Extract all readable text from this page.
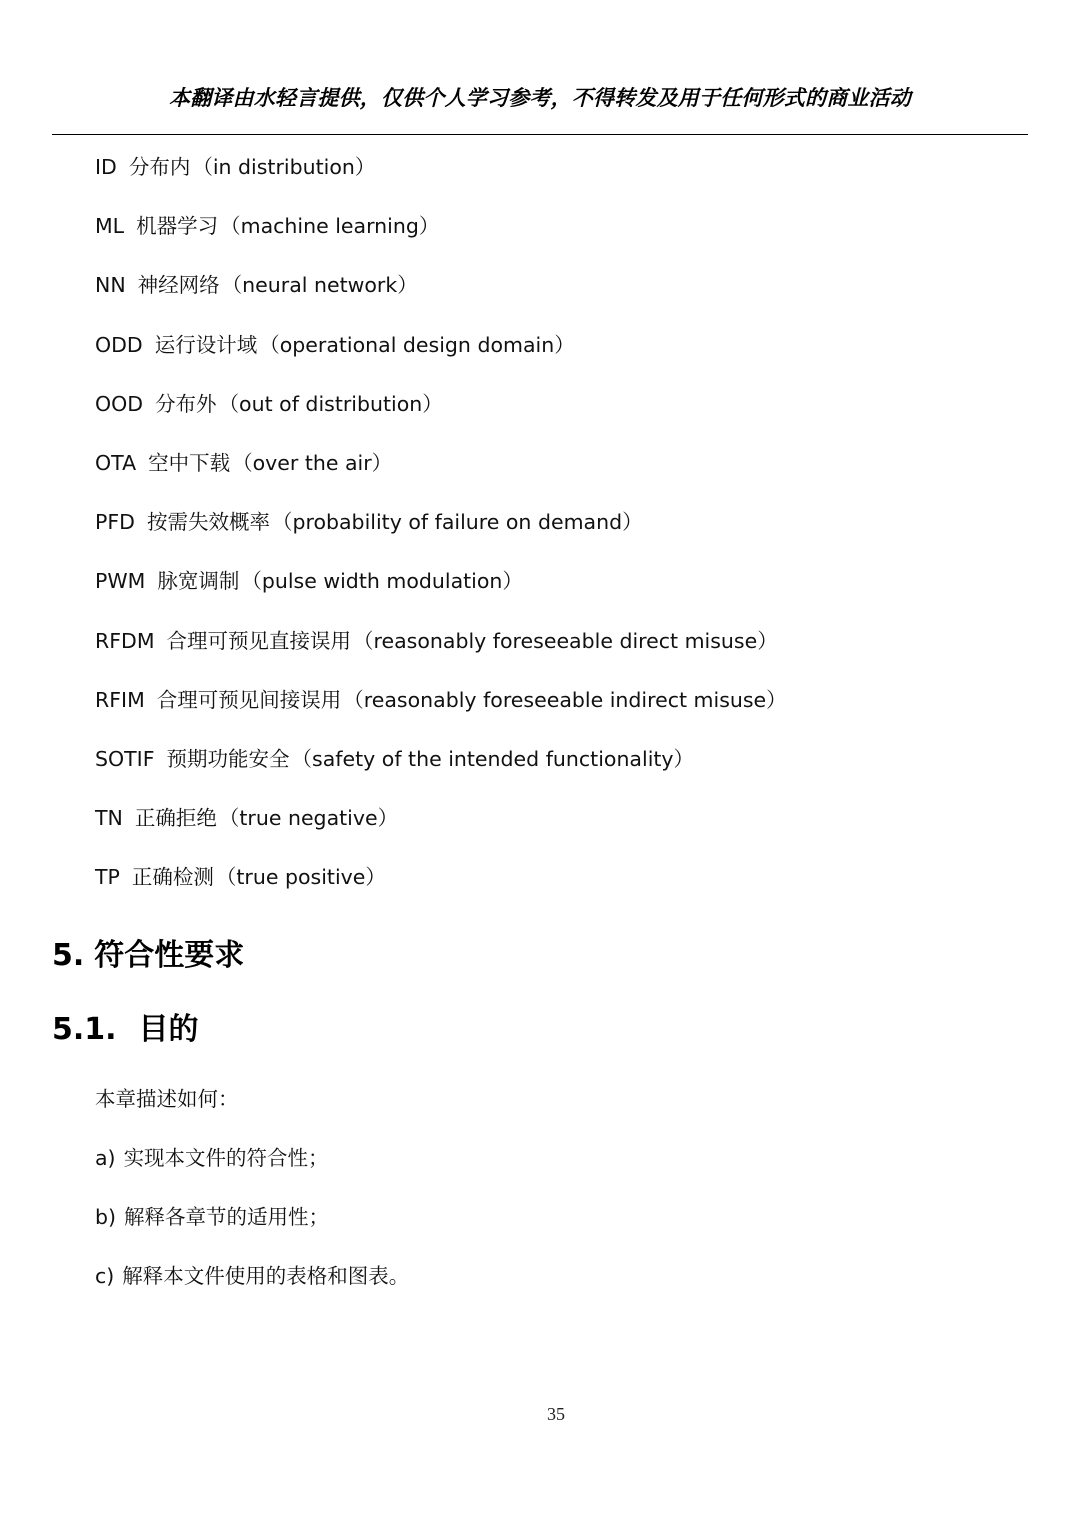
本翻译由水轻言提供，仅供个人学习参考，不得转发及用于任何形式的商业活动
ID 分布内（in distribution）
ML 机器学习（machine learning）
NN 神经网络（neural network）
ODD 运行设计域（operational design domain）
OOD 分布外（out of distribution）
OTA 空中下载（over the air）
PFD 按需失效概率（probability of failure on demand）
PWM 脉宽调制（pulse width modulation）
RFDM 合理可预见直接误用（reasonably foreseeable direct misuse）
RFIM 合理可预见间接误用（reasonably foreseeable indirect misuse）
SOTIF 预期功能安全（safety of the intended functionality）
TN 正确拒绝（true negative）
TP 正确检测（true positive）
5. 符合性要求
5.1. 目的
本章描述如何：
a) 实现本文件的符合性；
b) 解释各章节的适用性；
c) 解释本文件使用的表格和图表。
35
